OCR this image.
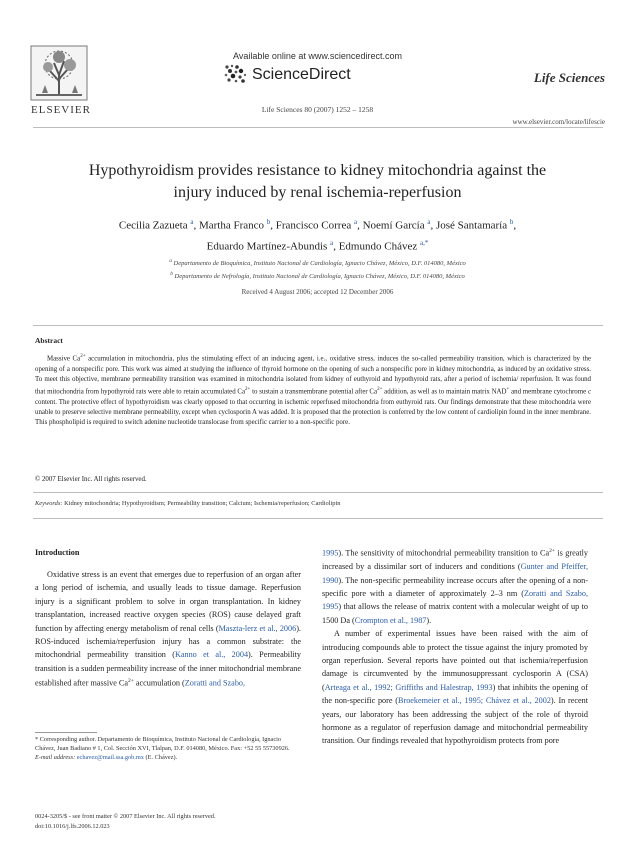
ELSEVIER
Available online at www.sciencedirect.com
ScienceDirect	Life Sciences
Life Sciences 80 (2007) 1252 – 1258
www.elsevier.com/locate/lifescie
Hypothyroidism provides resistance to kidney mitochondria against the
injury induced by renal ischemia-reperfusion
Cecilia Zazueta $^a$, Martha Franco $^b$, Francisco Correa $^a$, Noemí García $^a$, José Santamaría $^b$,
Eduardo Martínez-Abundis $^a$, Edmundo Chávez $^{a,*}$
$^a$ Departamento de Bioquímica, Instituto Nacional de Cardiología, Ignacio Chávez, México, D.F. 014080, México
$^b$ Departamento de Nefrología, Instituto Nacional de Cardiología, Ignacio Chávez, México, D.F. 014080, México
Received 4 August 2006; accepted 12 December 2006
Abstract
Massive $Ca^{2+}$ accumulation in mitochondria, plus the stimulating effect of an inducing agent, i.e., oxidative stress, induces the so-called permeability transition, which is characterized by the opening of a nonspecific pore. This work was aimed at studying the influence of thyroid hormone on the opening of such a nonspecific pore in kidney mitochondria, as induced by an oxidative stress. To meet this objective, membrane permeability transition was examined in mitochondria isolated from kidney of euthyroid and hypothyroid rats, after a period of ischemia/ reperfusion. It was found that mitochondria from hypothyroid rats were able to retain accumulated $Ca^{2+}$ to sustain a transmembrane potential after $Ca^{2+}$ addition, as well as to maintain matrix NAD+ and membrane cytochrome c content. The protective effect of hypothyroidism was clearly opposed to that occurring in ischemic reperfused mitochondria from euthyroid rats. Our findings demonstrate that these mitochondria were unable to preserve selective membrane permeability, except when cyclosporin A was added. It is proposed that the protection is conferred by the low content of cardiolipin found in the inner membrane. This phospholipid is required to switch adenine nucleotide translocase from specific carrier to a non-specific pore.
© 2007 Elsevier Inc. All rights reserved.
Keywords: Kidney mitochondria; Hypothyroidism; Permeability transition; Calcium; Ischemia/reperfusion; Cardiolipin
Introduction

Oxidative stress is an event that emerges due to reperfusion of an organ after a long period of ischemia, and usually leads to tissue damage. Reperfusion injury is a significant problem to solve in organ transplantation. In kidney transplantation, increased reactive oxygen species (ROS) cause delayed graft function by affecting energy metabolism of renal cells (Maszta-lerz et al., 2006). ROS-induced ischemia/reperfusion injury has a common substrate: the mitochondrial permeability transition (Kanno et al., 2004). Permeability transition is a sudden permeability increase of the inner mitochondrial membrane established after massive $Ca^{2+}$ accumulation (Zoratti and Szabo,

1995). The sensitivity of mitochondrial permeability transition to $Ca^{2+}$ is greatly increased by a dissimilar sort of inducers and conditions (Gunter and Pfeiffer, 1990). The non-specific permeability increase occurs after the opening of a non-specific pore with a diameter of approximately 2–3 nm (Zoratti and Szabo, 1995) that allows the release of matrix content with a molecular weight of up to 1500 Da (Crompton et al., 1987).

A number of experimental issues have been raised with the aim of introducing compounds able to protect the tissue against the injury promoted by organ reperfusion. Several reports have pointed out that ischemia/reperfusion damage is circumvented by the immunosuppressant cyclosporin A (CSA) (Arteaga et al., 1992; Griffiths and Halestrap, 1993) that inhibits the opening of the non-specific pore (Broekemeier et al., 1995; Chávez et al., 2002). In recent years, our laboratory has been addressing the subject of the role of thyroid hormone as a regulator of reperfusion damage and mitochondrial permeability transition. Our findings revealed that hypothyroidism protects from pore

* Corresponding author. Departamento de Bioquímica, Instituto Nacional de Cardiología, Ignacio Chávez, Juan Badiano # 1, Col. Sección XVI, Tlalpan, D.F. 014080, México. Fax: +52 55 55730926.
E-mail address: echavez@mail.ssa.gob.mx (E. Chávez).
0024-3205/$ - see front matter © 2007 Elsevier Inc. All rights reserved.
doi:10.1016/j.lfs.2006.12.023
